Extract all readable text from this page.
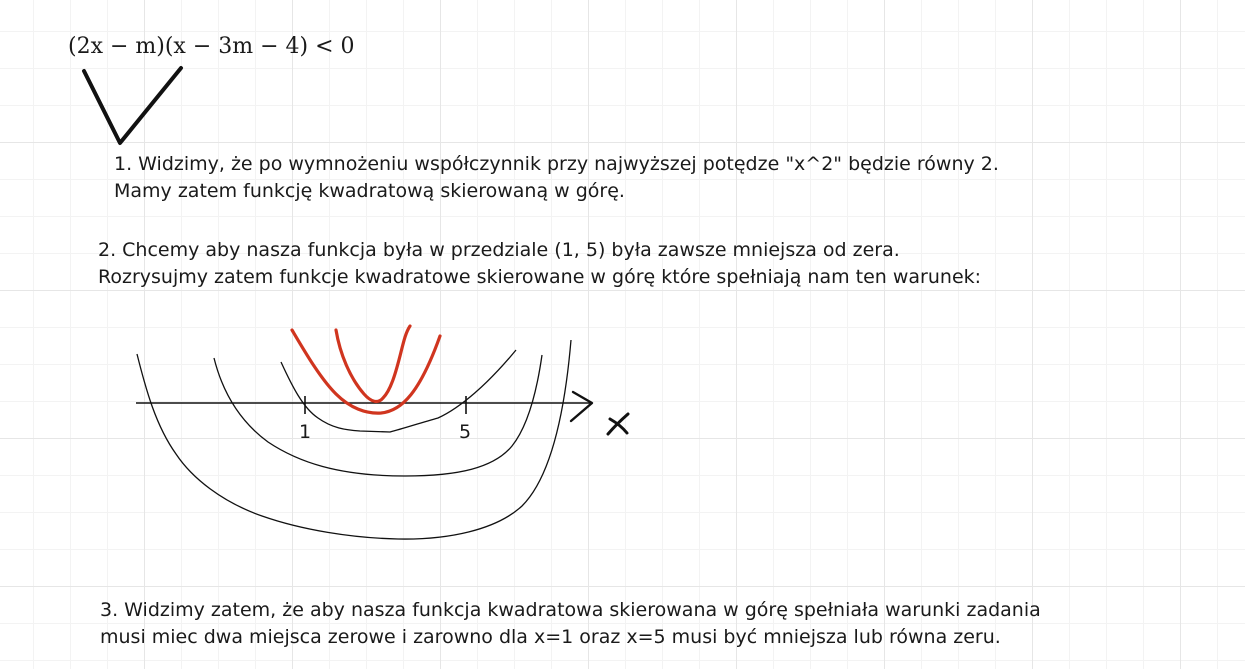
(2x − m)(x − 3m − 4) < 0
1. Widzimy, że po wymnożeniu współczynnik przy najwyższej potędze "x^2" będzie równy 2.
Mamy zatem funkcję kwadratową skierowaną w górę.
2. Chcemy aby nasza funkcja była w przedziale (1, 5) była zawsze mniejsza od zera.
Rozrysujmy zatem funkcje kwadratowe skierowane w górę które spełniają nam ten warunek:
1	5
3. Widzimy zatem, że aby nasza funkcja kwadratowa skierowana w górę spełniała warunki zadania
musi miec dwa miejsca zerowe i zarowno dla x=1 oraz x=5 musi być mniejsza lub równa zeru.
